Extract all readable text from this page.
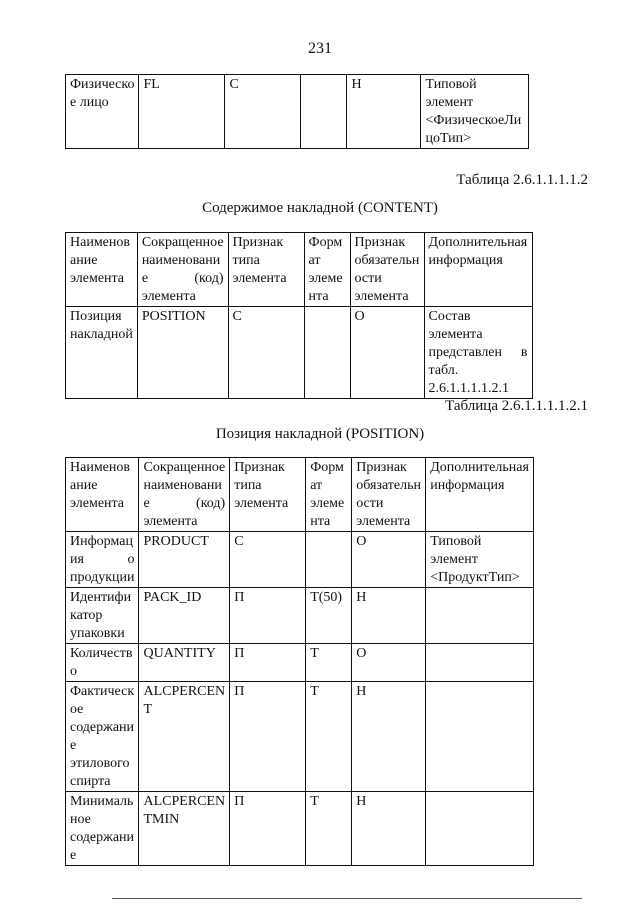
231
Физическо е лицо	FL	С		Н	Типовой элемент <ФизическоеЛи цоТип>
Таблица 2.6.1.1.1.1.2
Содержимое накладной (CONTENT)
Наименов ание элемента	Сокращенное наименовани е (код) элемента	Признак типа элемента	Форм ат элеме нта	Признак обязательн ости элемента	Дополнительная информация
Позиция накладной	POSITION	С		О	Состав элемента представлен в табл. 2.6.1.1.1.1.2.1
Таблица 2.6.1.1.1.1.2.1
Позиция накладной (POSITION)
Наименов ание элемента	Сокращенное наименовани е (код) элемента	Признак типа элемента	Форм ат элеме нта	Признак обязательн ости элемента	Дополнительная информация
Информац ия о продукции	PRODUCT	С		О	Типовой элемент <ПродуктТип>
Идентифи катор упаковки	PACK_ID	П	Т(50)	Н	
Количеств о	QUANTITY	П	Т	О	
Фактическ ое содержани е этилового спирта	ALCPERCEN T	П	Т	Н	
Минималь ное содержани е	ALCPERCEN TMIN	П	Т	Н	
